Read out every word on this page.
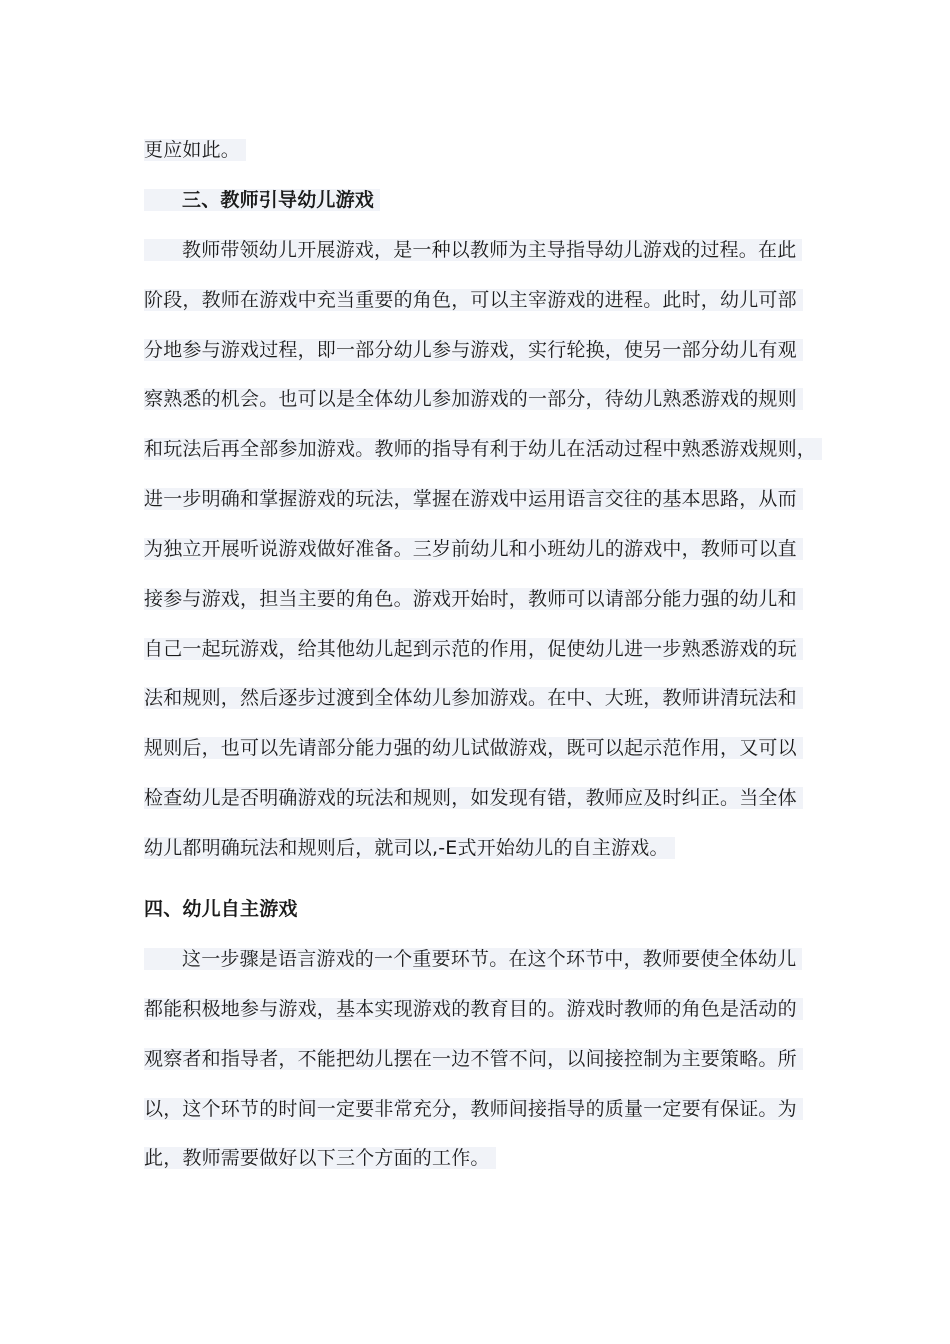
更应如此。
三、教师引导幼儿游戏
教师带领幼儿开展游戏，是一种以教师为主导指导幼儿游戏的过程。在此
阶段，教师在游戏中充当重要的角色，可以主宰游戏的进程。此时，幼儿可部
分地参与游戏过程，即一部分幼儿参与游戏，实行轮换，使另一部分幼儿有观
察熟悉的机会。也可以是全体幼儿参加游戏的一部分，待幼儿熟悉游戏的规则
和玩法后再全部参加游戏。教师的指导有利于幼儿在活动过程中熟悉游戏规则，
进一步明确和掌握游戏的玩法，掌握在游戏中运用语言交往的基本思路，从而
为独立开展听说游戏做好准备。三岁前幼儿和小班幼儿的游戏中，教师可以直
接参与游戏，担当主要的角色。游戏开始时，教师可以请部分能力强的幼儿和
自己一起玩游戏，给其他幼儿起到示范的作用，促使幼儿进一步熟悉游戏的玩
法和规则，然后逐步过渡到全体幼儿参加游戏。在中、大班，教师讲清玩法和
规则后，也可以先请部分能力强的幼儿试做游戏，既可以起示范作用，又可以
检查幼儿是否明确游戏的玩法和规则，如发现有错，教师应及时纠正。当全体
幼儿都明确玩法和规则后，就司以,-E式开始幼儿的自主游戏。
四、幼儿自主游戏
这一步骤是语言游戏的一个重要环节。在这个环节中，教师要使全体幼儿
都能积极地参与游戏，基本实现游戏的教育目的。游戏时教师的角色是活动的
观察者和指导者，不能把幼儿摆在一边不管不问，以间接控制为主要策略。所
以，这个环节的时间一定要非常充分，教师间接指导的质量一定要有保证。为
此，教师需要做好以下三个方面的工作。
